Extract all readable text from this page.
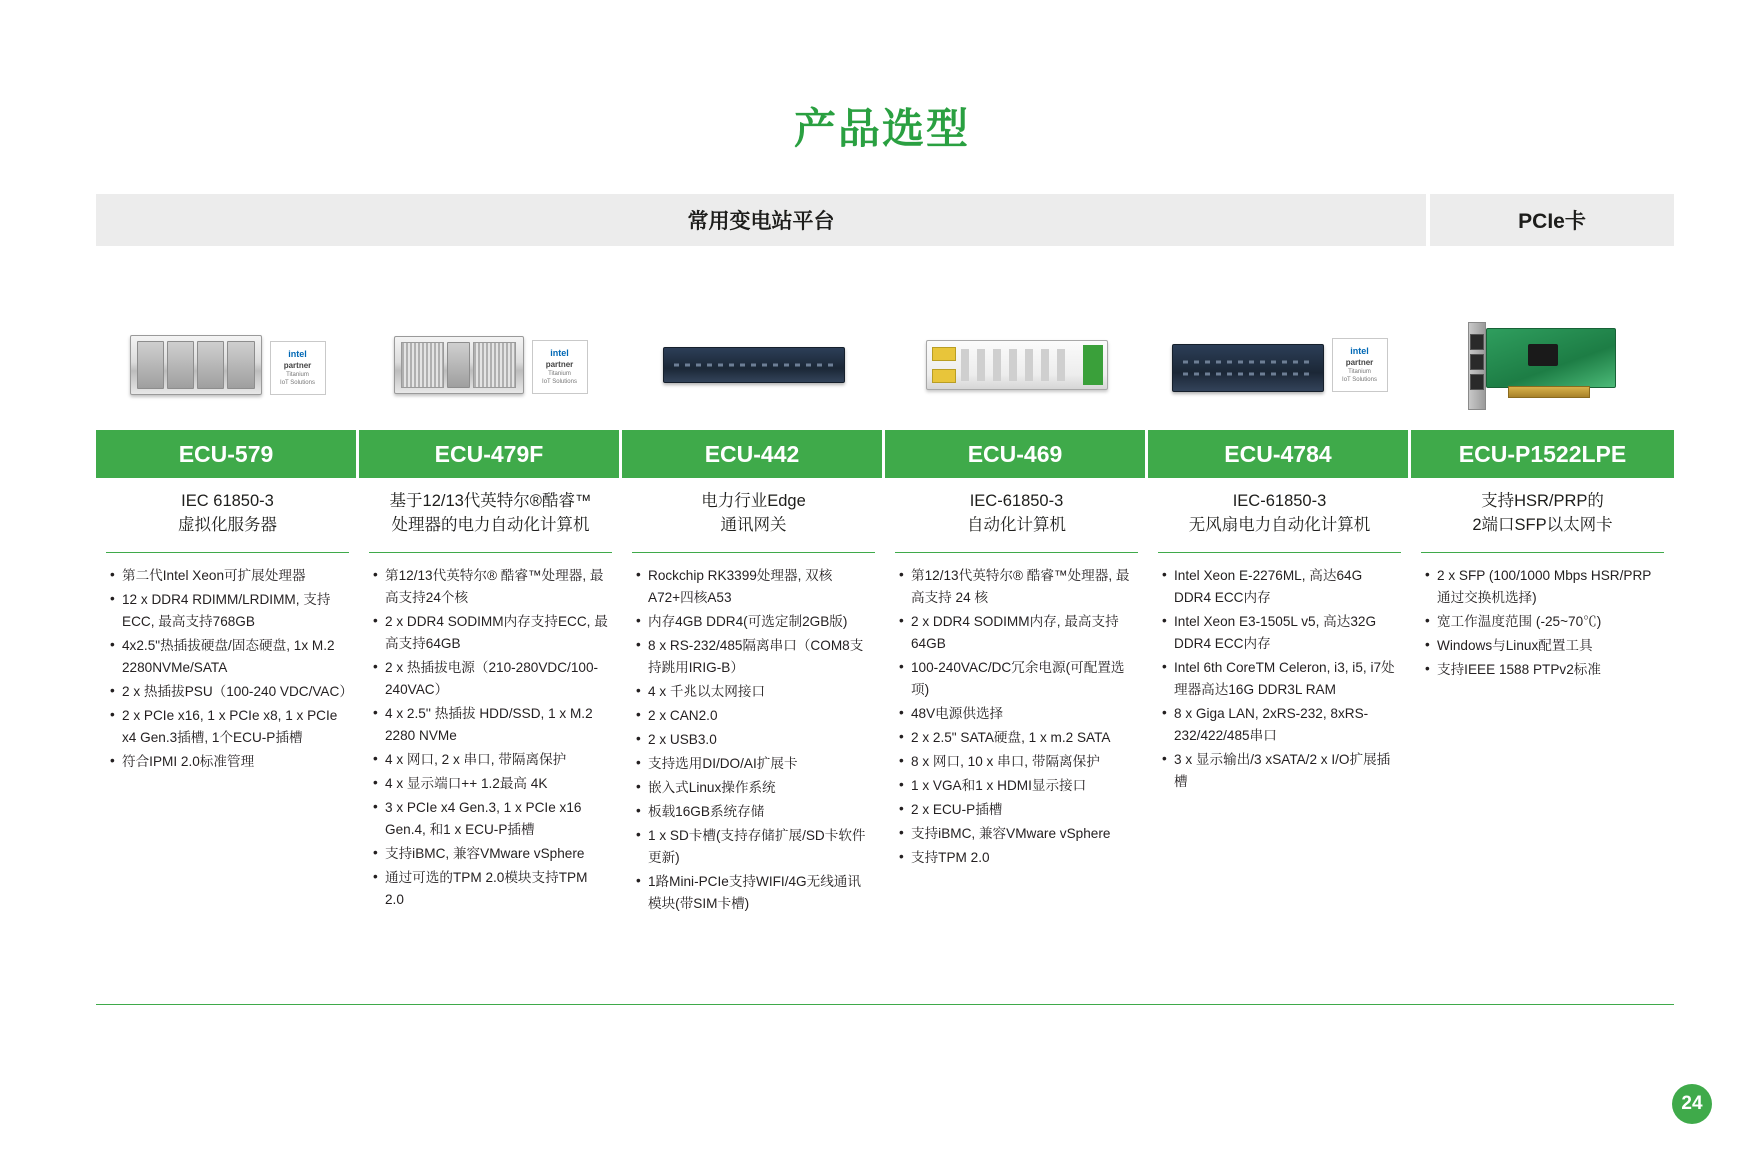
产品选型
常用变电站平台	PCIe卡
intel
partner
Titanium
IoT Solutions
ECU-579
IEC 61850-3
虚拟化服务器
• 第二代Intel Xeon可扩展处理器
• 12 x DDR4 RDIMM/LRDIMM, 支持ECC, 最高支持768GB
• 4x2.5"热插拔硬盘/固态硬盘, 1x M.2 2280NVMe/SATA
• 2 x 热插拔PSU（100-240 VDC/VAC）
• 2 x PCIe x16, 1 x PCIe x8, 1 x PCIe x4 Gen.3插槽, 1个ECU-P插槽
• 符合IPMI 2.0标准管理
intel
partner
Titanium
IoT Solutions
ECU-479F
基于12/13代英特尔®酷睿™
处理器的电力自动化计算机
• 第12/13代英特尔® 酷睿™处理器, 最高支持24个核
• 2 x DDR4 SODIMM内存支持ECC, 最高支持64GB
• 2 x 热插拔电源（210-280VDC/100-240VAC）
• 4 x 2.5'' 热插拔 HDD/SSD, 1 x M.2 2280 NVMe
• 4 x 网口, 2 x 串口, 带隔离保护
• 4 x 显示端口++ 1.2最高 4K
• 3 x PCIe x4 Gen.3, 1 x PCIe x16 Gen.4, 和1 x ECU-P插槽
• 支持iBMC, 兼容VMware vSphere
• 通过可选的TPM 2.0模块支持TPM 2.0
ECU-442
电力行业Edge
通讯网关
• Rockchip RK3399处理器, 双核A72+四核A53
• 内存4GB DDR4(可选定制2GB版)
• 8 x RS-232/485隔离串口（COM8支持跳用IRIG-B）
• 4 x 千兆以太网接口
• 2 x CAN2.0
• 2 x USB3.0
• 支持选用DI/DO/AI扩展卡
• 嵌入式Linux操作系统
• 板载16GB系统存储
• 1 x SD卡槽(支持存储扩展/SD卡软件更新)
• 1路Mini-PCIe支持WIFI/4G无线通讯模块(带SIM卡槽)
ECU-469
IEC-61850-3
自动化计算机
• 第12/13代英特尔® 酷睿™处理器, 最高支持 24 核
• 2 x DDR4 SODIMM内存, 最高支持 64GB
• 100-240VAC/DC冗余电源(可配置选项)
• 48V电源供选择
• 2 x 2.5" SATA硬盘, 1 x m.2 SATA
• 8 x 网口, 10 x 串口, 带隔离保护
• 1 x VGA和1 x HDMI显示接口
• 2 x ECU-P插槽
• 支持iBMC, 兼容VMware vSphere
• 支持TPM 2.0
intel
partner
Titanium
IoT Solutions
ECU-4784
IEC-61850-3
无风扇电力自动化计算机
• Intel Xeon E-2276ML, 高达64G DDR4 ECC内存
• Intel Xeon E3-1505L v5, 高达32G DDR4 ECC内存
• Intel 6th CoreTM Celeron, i3, i5, i7处理器高达16G DDR3L RAM
• 8 x Giga LAN, 2xRS-232, 8xRS-232/422/485串口
• 3 x 显示输出/3 xSATA/2 x I/O扩展插槽
ECU-P1522LPE
支持HSR/PRP的
2端口SFP以太网卡
• 2 x SFP (100/1000 Mbps HSR/PRP通过交换机选择)
• 宽工作温度范围 (-25~70℃)
• Windows与Linux配置工具
• 支持IEEE 1588 PTPv2标准
24
